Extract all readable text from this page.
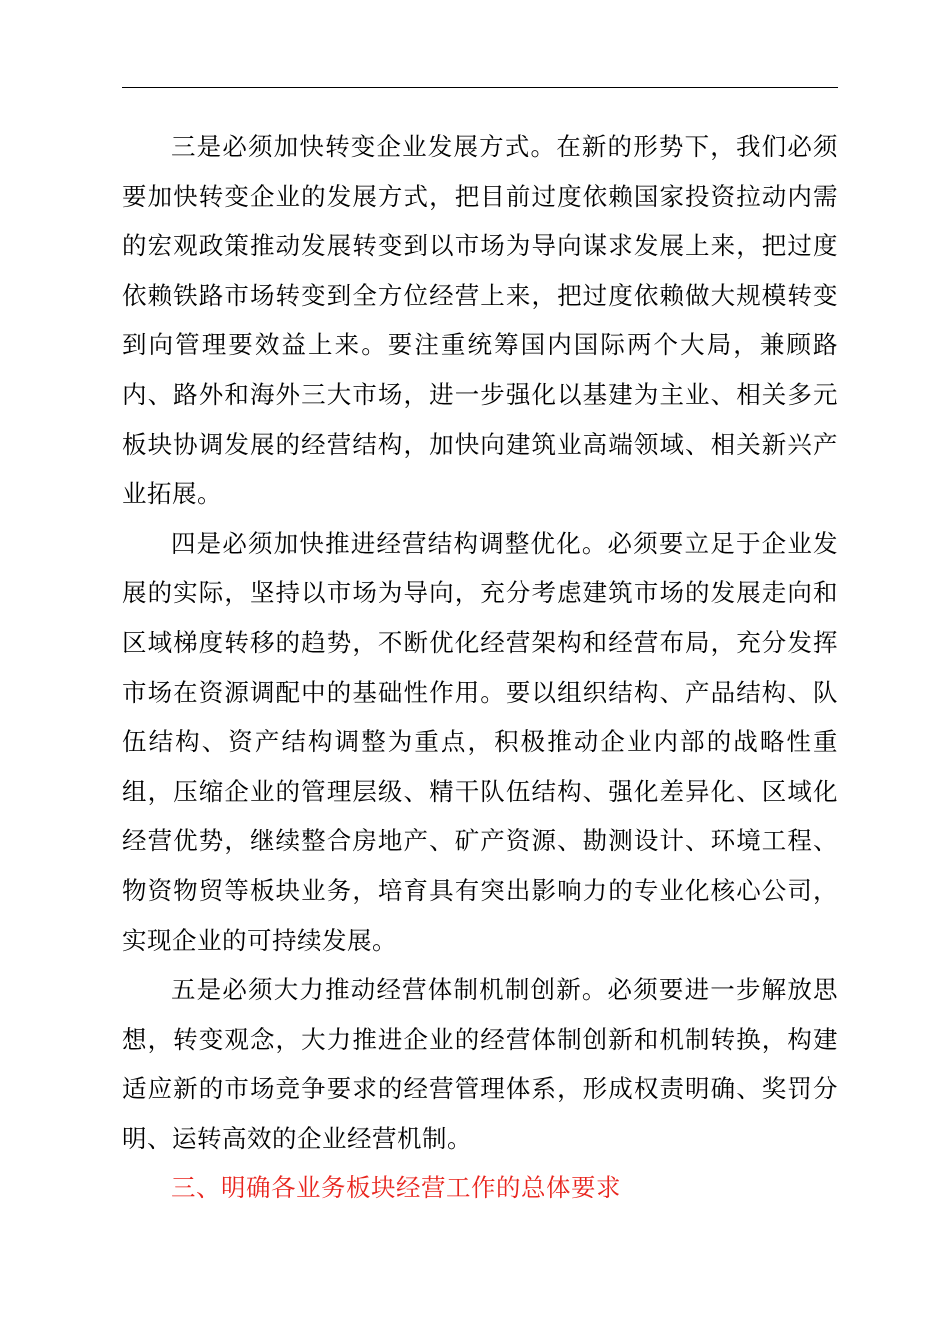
三是必须加快转变企业发展方式。在新的形势下，我们必须要加快转变企业的发展方式，把目前过度依赖国家投资拉动内需的宏观政策推动发展转变到以市场为导向谋求发展上来，把过度依赖铁路市场转变到全方位经营上来，把过度依赖做大规模转变到向管理要效益上来。要注重统筹国内国际两个大局，兼顾路内、路外和海外三大市场，进一步强化以基建为主业、相关多元板块协调发展的经营结构，加快向建筑业高端领域、相关新兴产业拓展。

四是必须加快推进经营结构调整优化。必须要立足于企业发展的实际，坚持以市场为导向，充分考虑建筑市场的发展走向和区域梯度转移的趋势，不断优化经营架构和经营布局，充分发挥市场在资源调配中的基础性作用。要以组织结构、产品结构、队伍结构、资产结构调整为重点，积极推动企业内部的战略性重组，压缩企业的管理层级、精干队伍结构、强化差异化、区域化经营优势，继续整合房地产、矿产资源、勘测设计、环境工程、物资物贸等板块业务，培育具有突出影响力的专业化核心公司，实现企业的可持续发展。

五是必须大力推动经营体制机制创新。必须要进一步解放思想，转变观念，大力推进企业的经营体制创新和机制转换，构建适应新的市场竞争要求的经营管理体系，形成权责明确、奖罚分明、运转高效的企业经营机制。

三、明确各业务板块经营工作的总体要求
